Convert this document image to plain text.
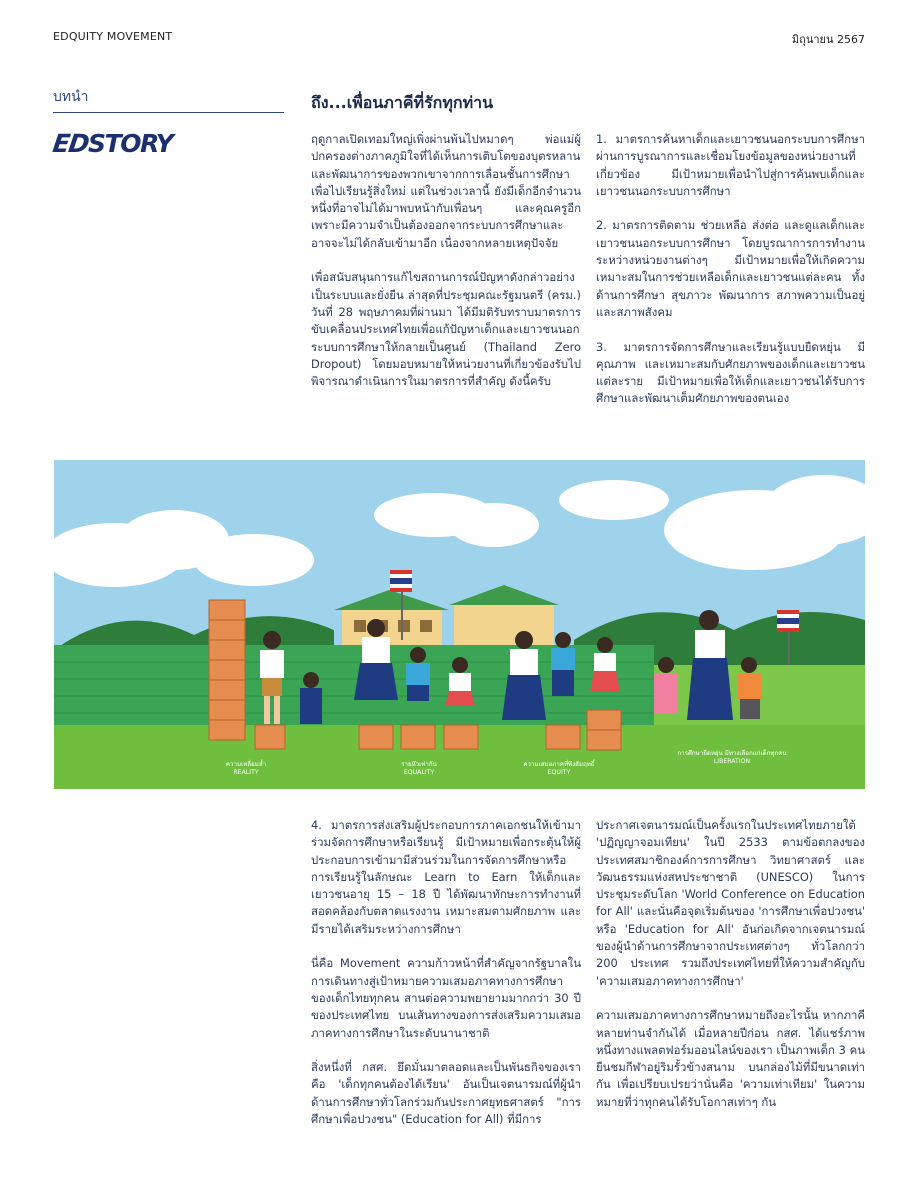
EDQUITY MOVEMENT	มิถุนายน 2567
บทนำ
EDSTORY
ถึง...เพื่อนภาคีที่รักทุกท่าน

ฤดูกาลเปิดเทอมใหญ่เพิ่งผ่านพ้นไปหมาดๆ พ่อแม่ผู้ปกครองต่างภาคภูมิใจที่ได้เห็นการเติบโตของบุตรหลานและพัฒนาการของพวกเขาจากการเลื่อนชั้นการศึกษาเพื่อไปเรียนรู้สิ่งใหม่ แต่ในช่วงเวลานี้ ยังมีเด็กอีกจำนวนหนึ่งที่อาจไม่ได้มาพบหน้ากับเพื่อนๆ และคุณครูอีก เพราะมีความจำเป็นต้องออกจากระบบการศึกษาและอาจจะไม่ได้กลับเข้ามาอีก เนื่องจากหลายเหตุปัจจัย

เพื่อสนับสนุนการแก้ไขสถานการณ์ปัญหาดังกล่าวอย่างเป็นระบบและยั่งยืน ล่าสุดที่ประชุมคณะรัฐมนตรี (ครม.) วันที่ 28 พฤษภาคมที่ผ่านมา ได้มีมติรับทราบมาตรการขับเคลื่อนประเทศไทยเพื่อแก้ปัญหาเด็กและเยาวชนนอกระบบการศึกษาให้กลายเป็นศูนย์ (Thailand Zero Dropout) โดยมอบหมายให้หน่วยงานที่เกี่ยวข้องรับไปพิจารณาดำเนินการในมาตรการที่สำคัญ ดังนี้ครับ

1. มาตรการค้นหาเด็กและเยาวชนนอกระบบการศึกษา ผ่านการบูรณาการและเชื่อมโยงข้อมูลของหน่วยงานที่เกี่ยวข้อง มีเป้าหมายเพื่อนำไปสู่การค้นพบเด็กและเยาวชนนอกระบบการศึกษา

2. มาตรการติดตาม ช่วยเหลือ ส่งต่อ และดูแลเด็กและเยาวชนนอกระบบการศึกษา โดยบูรณาการการทำงานระหว่างหน่วยงานต่างๆ มีเป้าหมายเพื่อให้เกิดความเหมาะสมในการช่วยเหลือเด็กและเยาวชนแต่ละคน ทั้งด้านการศึกษา สุขภาวะ พัฒนาการ สภาพความเป็นอยู่ และสภาพสังคม

3. มาตรการจัดการศึกษาและเรียนรู้แบบยืดหยุ่น มีคุณภาพ และเหมาะสมกับศักยภาพของเด็กและเยาวชนแต่ละราย มีเป้าหมายเพื่อให้เด็กและเยาวชนได้รับการศึกษาและพัฒนาเต็มศักยภาพของตนเอง

ความเหลื่อมล้ำ
REALITY
รายหัวเท่ากัน
EQUALITY
ความเสมอภาคที่พึงสัมฤทธิ์
EQUITY
การศึกษายืดหยุ่น มีทางเลือกแก่เด็กทุกคน
LIBERATION

4. มาตรการส่งเสริมผู้ประกอบการภาคเอกชนให้เข้ามาร่วมจัดการศึกษาหรือเรียนรู้ มีเป้าหมายเพื่อกระตุ้นให้ผู้ประกอบการเข้ามามีส่วนร่วมในการจัดการศึกษาหรือการเรียนรู้ในลักษณะ Learn to Earn ให้เด็กและเยาวชนอายุ 15 – 18 ปี ได้พัฒนาทักษะการทำงานที่สอดคล้องกับตลาดแรงงาน เหมาะสมตามศักยภาพ และมีรายได้เสริมระหว่างการศึกษา

นี่คือ Movement ความก้าวหน้าที่สำคัญจากรัฐบาลในการเดินทางสู่เป้าหมายความเสมอภาคทางการศึกษาของเด็กไทยทุกคน สานต่อความพยายามมากกว่า 30 ปีของประเทศไทย บนเส้นทางของการส่งเสริมความเสมอภาคทางการศึกษาในระดับนานาชาติ

สิ่งหนึ่งที่ กสศ. ยึดมั่นมาตลอดและเป็นพันธกิจของเราคือ 'เด็กทุกคนต้องได้เรียน' อันเป็นเจตนารมณ์ที่ผู้นำด้านการศึกษาทั่วโลกร่วมกันประกาศยุทธศาสตร์ "การศึกษาเพื่อปวงชน" (Education for All) ที่มีการ

ประกาศเจตนารมณ์เป็นครั้งแรกในประเทศไทยภายใต้ 'ปฏิญญาจอมเทียน' ในปี 2533 ตามข้อตกลงของประเทศสมาชิกองค์การการศึกษา วิทยาศาสตร์ และวัฒนธรรมแห่งสหประชาชาติ (UNESCO) ในการประชุมระดับโลก 'World Conference on Education for All' และนั่นคือจุดเริ่มต้นของ 'การศึกษาเพื่อปวงชน' หรือ 'Education for All' อันก่อเกิดจากเจตนารมณ์ของผู้นำด้านการศึกษาจากประเทศต่างๆ ทั่วโลกกว่า 200 ประเทศ รวมถึงประเทศไทยที่ให้ความสำคัญกับ 'ความเสมอภาคทางการศึกษา'

ความเสมอภาคทางการศึกษาหมายถึงอะไรนั้น หากภาคีหลายท่านจำกันได้ เมื่อหลายปีก่อน กสศ. ได้แชร์ภาพหนึ่งทางแพลตฟอร์มออนไลน์ของเรา เป็นภาพเด็ก 3 คน ยืนชมกีฬาอยู่ริมรั้วข้างสนาม บนกล่องไม้ที่มีขนาดเท่ากัน เพื่อเปรียบเปรยว่านั่นคือ 'ความเท่าเทียม' ในความหมายที่ว่าทุกคนได้รับโอกาสเท่าๆ กัน
